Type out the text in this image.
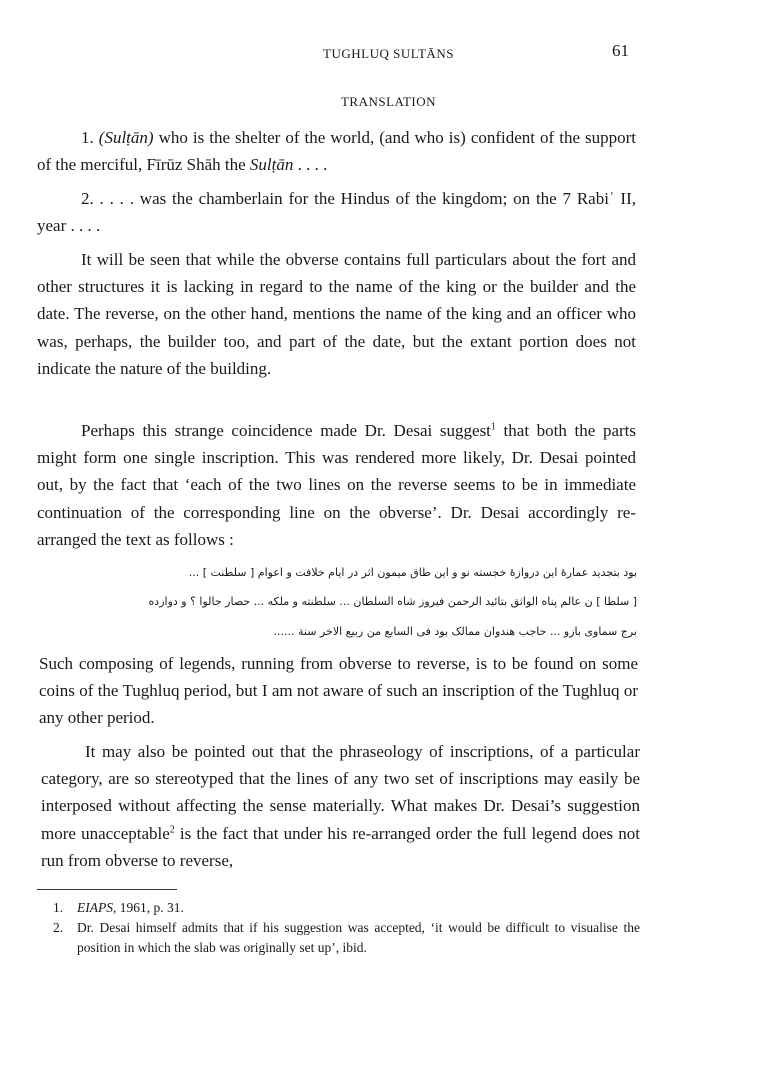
TUGHLUQ SULTĀNS	61
TRANSLATION

1. (Sulṭān) who is the shelter of the world, (and who is) confident of the support of the merciful, Fīrūz Shāh the Sulṭān . . . .

2. . . . . was the chamberlain for the Hindus of the kingdom; on the 7 Rabiʿ II, year . . . .

It will be seen that while the obverse contains full particulars about the fort and other structures it is lacking in regard to the name of the king or the builder and the date. The reverse, on the other hand, mentions the name of the king and an officer who was, perhaps, the builder too, and part of the date, but the extant portion does not indicate the nature of the building.

Perhaps this strange coincidence made Dr. Desai suggest$^1$ that both the parts might form one single inscription. This was rendered more likely, Dr. Desai pointed out, by the fact that ‘each of the two lines on the reverse seems to be in immediate continuation of the corresponding line on the obverse’. Dr. Desai accordingly re-arranged the text as follows :

بود بتجدید عمارهٔ این دروازهٔ خجسته نو و این طاق میمون اثر در ایام خلافت و اعوام [ سلطنت ] ...
[ سلطا ] ن عالم پناه الواثق بتائید الرحمن فیروز شاه السلطان ... سلطنته و ملکه ... حصار جالوا ؟ و دوازده
برج سماوی بازو ... حاجب هندوان ممالک بود فی السابع من ربیع الاخر سنة ......

Such composing of legends, running from obverse to reverse, is to be found on some coins of the Tughluq period, but I am not aware of such an inscription of the Tughluq or any other period.

It may also be pointed out that the phraseology of inscriptions, of a particular category, are so stereotyped that the lines of any two set of inscriptions may easily be interposed without affecting the sense materially. What makes Dr. Desai’s suggestion more unacceptable$^2$ is the fact that under his re-arranged order the full legend does not run from obverse to reverse,

1. EIAPS, 1961, p. 31.

2. Dr. Desai himself admits that if his suggestion was accepted, ‘it would be difficult to visualise the position in which the slab was originally set up’, ibid.
